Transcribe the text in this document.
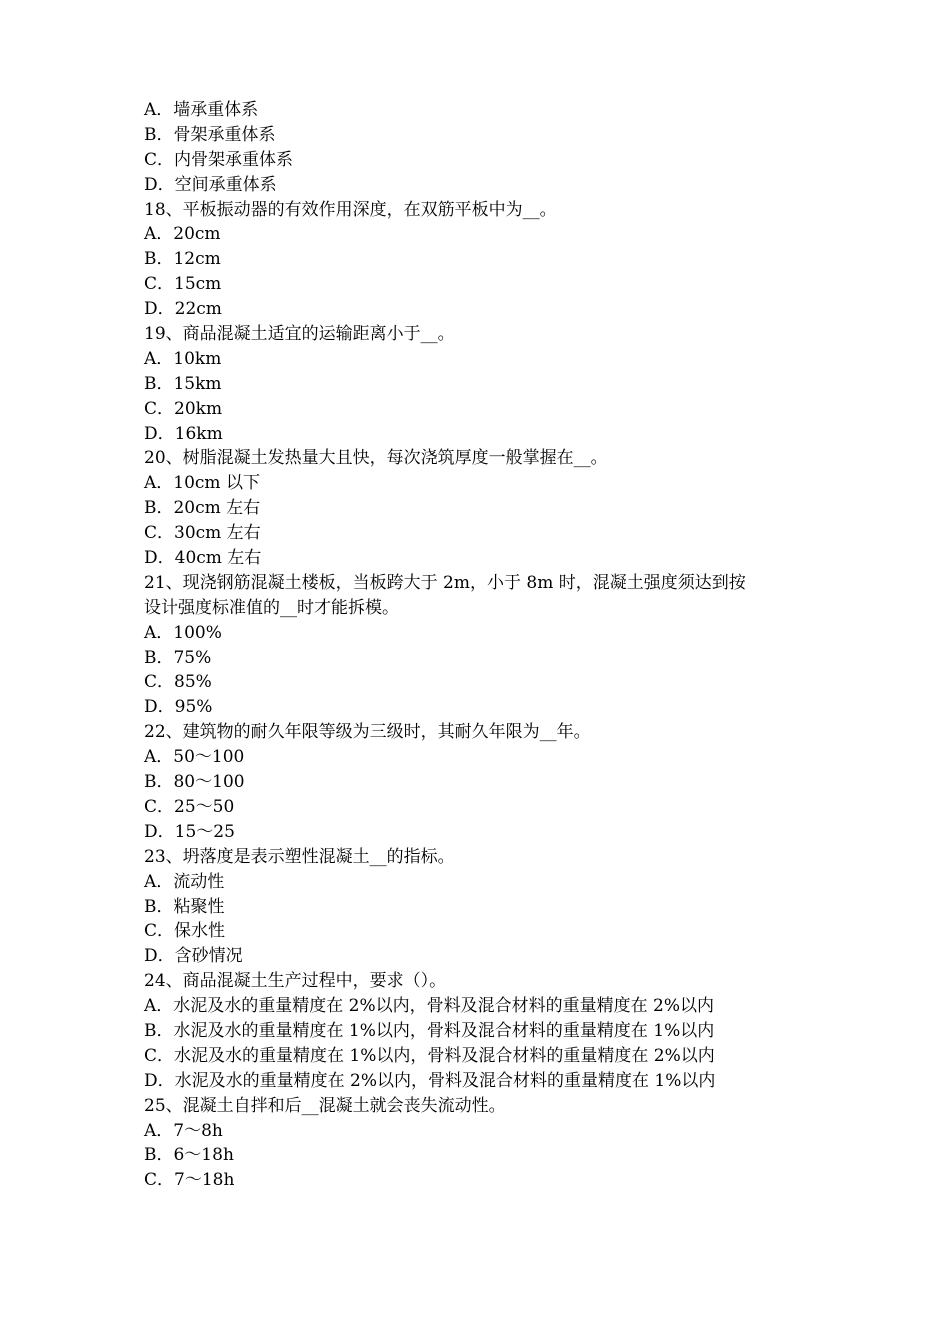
A．墙承重体系
B．骨架承重体系
C．内骨架承重体系
D．空间承重体系
18、平板振动器的有效作用深度，在双筋平板中为__。
A．20cm
B．12cm
C．15cm
D．22cm
19、商品混凝土适宜的运输距离小于__。
A．10km
B．15km
C．20km
D．16km
20、树脂混凝土发热量大且快，每次浇筑厚度一般掌握在__。
A．10cm 以下
B．20cm 左右
C．30cm 左右
D．40cm 左右
21、现浇钢筋混凝土楼板，当板跨大于 2m，小于 8m 时，混凝土强度须达到按
设计强度标准值的__时才能拆模。
A．100%
B．75%
C．85%
D．95%
22、建筑物的耐久年限等级为三级时，其耐久年限为__年。
A．50～100
B．80～100
C．25～50
D．15～25
23、坍落度是表示塑性混凝土__的指标。
A．流动性
B．粘聚性
C．保水性
D．含砂情况
24、商品混凝土生产过程中，要求（）。
A．水泥及水的重量精度在 2%以内，骨料及混合材料的重量精度在 2%以内
B．水泥及水的重量精度在 1%以内，骨料及混合材料的重量精度在 1%以内
C．水泥及水的重量精度在 1%以内，骨料及混合材料的重量精度在 2%以内
D．水泥及水的重量精度在 2%以内，骨料及混合材料的重量精度在 1%以内
25、混凝土自拌和后__混凝土就会丧失流动性。
A．7～8h
B．6～18h
C．7～18h
